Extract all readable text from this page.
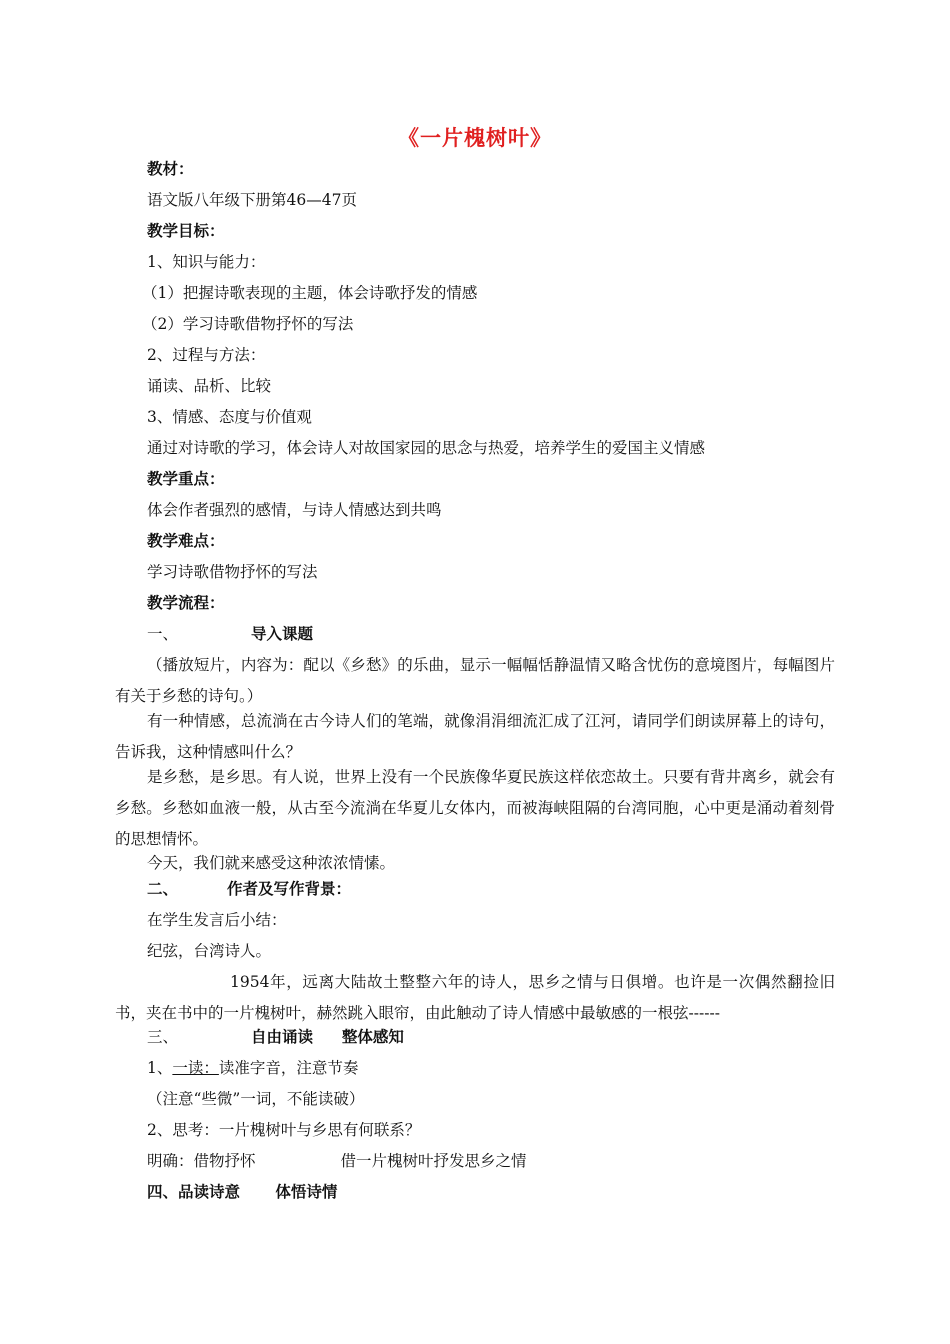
《一片槐树叶》
教材：
语文版八年级下册第46—47页
教学目标：
1、知识与能力：
（1）把握诗歌表现的主题，体会诗歌抒发的情感
（2）学习诗歌借物抒怀的写法
2、过程与方法：
诵读、品析、比较
3、情感、态度与价值观
通过对诗歌的学习，体会诗人对故国家园的思念与热爱，培养学生的爱国主义情感
教学重点：
体会作者强烈的感情，与诗人情感达到共鸣
教学难点：
学习诗歌借物抒怀的写法
教学流程：
一、	导入课题
（播放短片，内容为：配以《乡愁》的乐曲，显示一幅幅恬静温情又略含忧伤的意境图片，每幅图片有关于乡愁的诗句。）
有一种情感，总流淌在古今诗人们的笔端，就像涓涓细流汇成了江河，请同学们朗读屏幕上的诗句，告诉我，这种情感叫什么？
是乡愁，是乡思。有人说，世界上没有一个民族像华夏民族这样依恋故土。只要有背井离乡，就会有乡愁。乡愁如血液一般，从古至今流淌在华夏儿女体内，而被海峡阻隔的台湾同胞，心中更是涌动着刻骨的思想情怀。
今天，我们就来感受这种浓浓情愫。
二、	作者及写作背景：
在学生发言后小结：
纪弦，台湾诗人。
1954年，远离大陆故土整整六年的诗人，思乡之情与日俱增。也许是一次偶然翻捡旧书，夹在书中的一片槐树叶，赫然跳入眼帘，由此触动了诗人情感中最敏感的一根弦------
三、	自由诵读 整体感知
1、一读：读准字音，注意节奏
（注意“些微”一词，不能读破）
2、思考：一片槐树叶与乡思有何联系？
明确：借物抒怀	借一片槐树叶抒发思乡之情
四、品读诗意 体悟诗情
